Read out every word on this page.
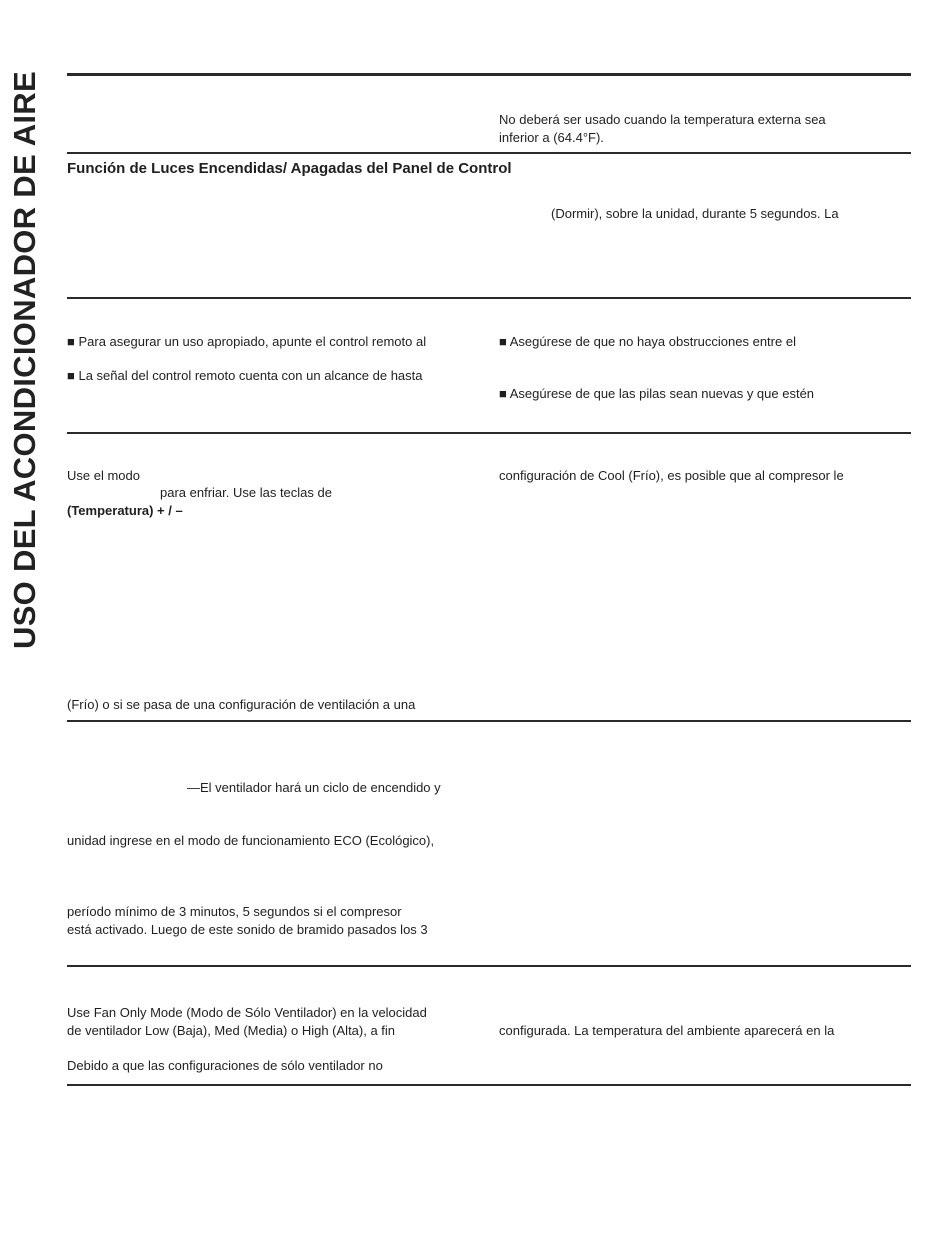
USO DEL ACONDICIONADOR DE AIRE	No deberá ser usado cuando la temperatura externa sea
inferior a (64.4°F).
Función de Luces Encendidas/ Apagadas del Panel de Control
(Dormir), sobre la unidad, durante 5 segundos. La
■ Para asegurar un uso apropiado, apunte el control remoto al
■ La señal del control remoto cuenta con un alcance de hasta
■ Asegúrese de que no haya obstrucciones entre el
■ Asegúrese de que las pilas sean nuevas y que estén
Use el modo
para enfriar. Use las teclas de
(Temperatura) + / –
configuración de Cool (Frío), es posible que al compresor le
(Frío) o si se pasa de una configuración de ventilación a una
—El ventilador hará un ciclo de encendido y
unidad ingrese en el modo de funcionamiento ECO (Ecológico),
período mínimo de 3 minutos, 5 segundos si el compresor
está activado. Luego de este sonido de bramido pasados los 3
Use Fan Only Mode (Modo de Sólo Ventilador) en la velocidad
de ventilador Low (Baja), Med (Media) o High (Alta), a fin
Debido a que las configuraciones de sólo ventilador no
configurada. La temperatura del ambiente aparecerá en la
